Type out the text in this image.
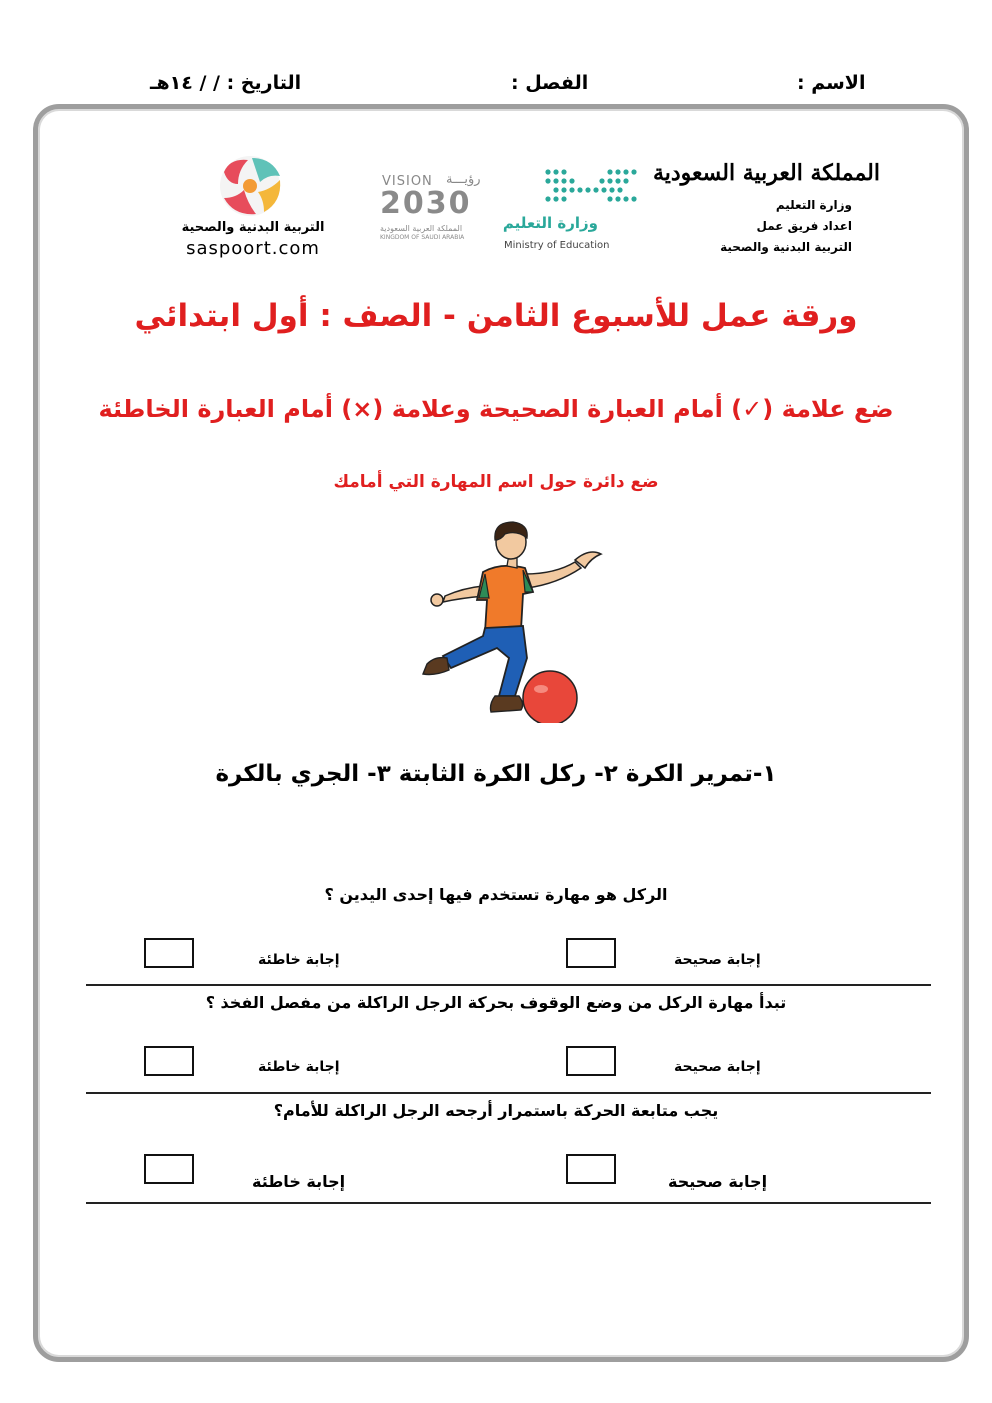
التاريخ : / / ١٤هـ	الفصل :	الاسم :
المملكة العربية السعودية
وزارة التعليم
اعداد فريق عمل
التربية البدنية والصحية
وزارة التعليم
Ministry of Education
VISION رؤيـــة
2030
المملكة العربية السعودية
KINGDOM OF SAUDI ARABIA
التربية البدنية والصحية
saspoort.com
ورقة عمل للأسبوع الثامن - الصف : أول ابتدائي
ضع علامة (✓) أمام العبارة الصحيحة وعلامة (×) أمام العبارة الخاطئة
ضع دائرة حول اسم المهارة التي أمامك
١-تمرير الكرة ٢- ركل الكرة الثابتة ٣- الجري بالكرة
الركل هو مهارة تستخدم فيها إحدى اليدين ؟
إجابة صحيحة
إجابة خاطئة
تبدأ مهارة الركل من وضع الوقوف بحركة الرجل الراكلة من مفصل الفخذ ؟
إجابة صحيحة
إجابة خاطئة
يجب متابعة الحركة باستمرار أرجحه الرجل الراكلة للأمام؟
إجابة صحيحة
إجابة خاطئة
